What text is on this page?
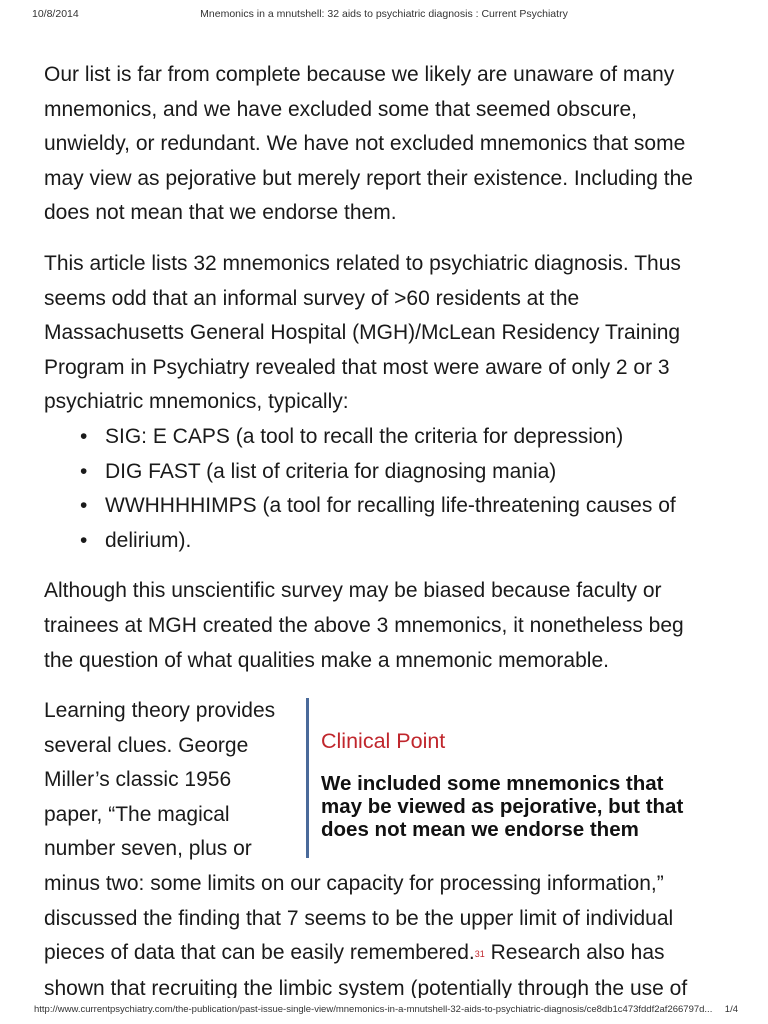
10/8/2014	Mnemonics in a mnutshell: 32 aids to psychiatric diagnosis : Current Psychiatry

Our list is far from complete because we likely are unaware of many
mnemonics, and we have excluded some that seemed obscure,
unwieldy, or redundant. We have not excluded mnemonics that some
may view as pejorative but merely report their existence. Including the
does not mean that we endorse them.

This article lists 32 mnemonics related to psychiatric diagnosis. Thus
seems odd that an informal survey of >60 residents at the
Massachusetts General Hospital (MGH)/McLean Residency Training
Program in Psychiatry revealed that most were aware of only 2 or 3
psychiatric mnemonics, typically:

• SIG: E CAPS (a tool to recall the criteria for depression)
• DIG FAST (a list of criteria for diagnosing mania)
• WWHHHHIMPS (a tool for recalling life-threatening causes of
• delirium).

Although this unscientific survey may be biased because faculty or
trainees at MGH created the above 3 mnemonics, it nonetheless beg
the question of what qualities make a mnemonic memorable.

Learning theory provides
several clues. George
Miller’s classic 1956
paper, “The magical
number seven, plus or
minus two: some limits on our capacity for processing information,”
discussed the finding that 7 seems to be the upper limit of individual
pieces of data that can be easily remembered.$^{31}$ Research also has
shown that recruiting the limbic system (potentially through the use of

Clinical Point
We included some mnemonics that
may be viewed as pejorative, but that
does not mean we endorse them
http://www.currentpsychiatry.com/the-publication/past-issue-single-view/mnemonics-in-a-mnutshell-32-aids-to-psychiatric-diagnosis/ce8db1c473fddf2af266797d... 1/4
